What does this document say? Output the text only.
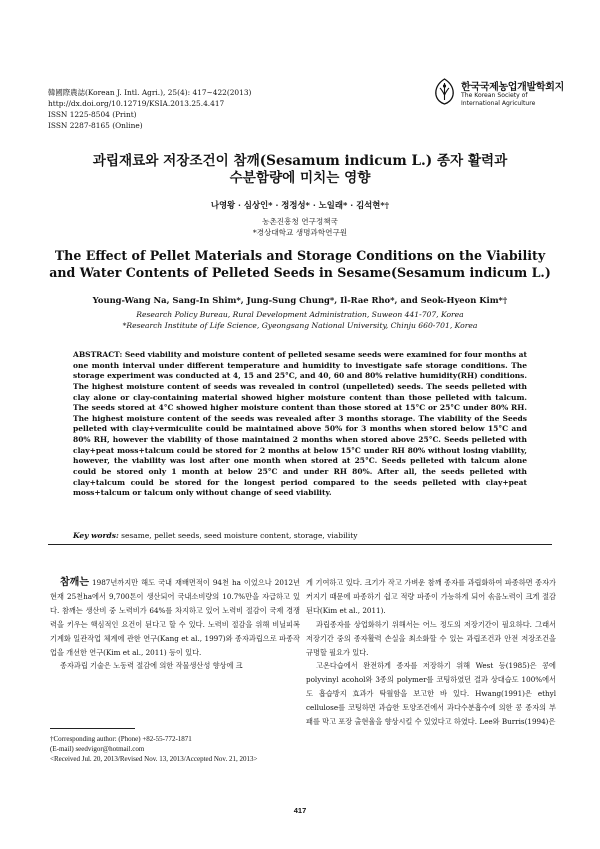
韓國際農誌(Korean J. Intl. Agri.), 25(4): 417~422(2013)
http://dx.doi.org/10.12719/KSIA.2013.25.4.417
ISSN 1225-8504 (Print)
ISSN 2287-8165 (Online)
한국국제농업개발학회지
The Korean Society of International Agriculture
과립재료와 저장조건이 참깨(Sesamum indicum L.) 종자 활력과
수분함량에 미치는 영향
나영왕 · 심상인* · 정정성* · 노일래* · 김석현*†
농촌진흥청 연구정책국
*경상대학교 생명과학연구원
The Effect of Pellet Materials and Storage Conditions on the Viability
and Water Contents of Pelleted Seeds in Sesame(Sesamum indicum L.)
Young-Wang Na, Sang-In Shim*, Jung-Sung Chung*, Il-Rae Rho*, and Seok-Hyeon Kim*†
Research Policy Bureau, Rural Development Administration, Suweon 441-707, Korea
*Research Institute of Life Science, Gyeongsang National University, Chinju 660-701, Korea
ABSTRACT: Seed viability and moisture content of pelleted sesame seeds were examined for four months at one month interval under different temperature and humidity to investigate safe storage conditions. The storage experiment was conducted at 4, 15 and 25°C, and 40, 60 and 80% relative humidity(RH) conditions. The highest moisture content of seeds was revealed in control (unpelleted) seeds. The seeds pelleted with clay alone or clay-containing material showed higher moisture content than those pelleted with talcum. The seeds stored at 4°C showed higher moisture content than those stored at 15°C or 25°C under 80% RH. The highest moisture content of the seeds was revealed after 3 months storage. The viability of the Seeds pelleted with clay+vermiculite could be maintained above 50% for 3 months when stored below 15°C and 80% RH, however the viability of those maintained 2 months when stored above 25°C. Seeds pelleted with clay+peat moss+talcum could be stored for 2 months at below 15°C under RH 80% without losing viability, however, the viability was lost after one month when stored at 25°C. Seeds pelleted with talcum alone could be stored only 1 month at below 25°C and under RH 80%. After all, the seeds pelleted with clay+talcum could be stored for the longest period compared to the seeds pelleted with clay+peat moss+talcum or talcum only without change of seed viability.
Key words: sesame, pellet seeds, seed moisture content, storage, viability

참깨는 1987년까지만 해도 국내 재배면적이 94천 ha 이었으나 2012년 현재 25천ha에서 9,700톤이 생산되어 국내소비량의 10.7%만을 자급하고 있다. 참깨는 생산비 중 노력비가 64%를 차지하고 있어 노력비 절감이 국제 경쟁력을 키우는 핵심적인 요건이 된다고 할 수 있다. 노력비 절감을 위해 비닐피복 기계화 일관작업 체계에 관한 연구(Kang et al., 1997)와 종자과립으로 파종작업을 개선한 연구(Kim et al., 2011) 등이 있다.

종자과립 기술은 노동력 절감에 의한 작물생산성 향상에 크

게 기여하고 있다. 크기가 작고 가벼운 참깨 종자를 과립화하여 파종하면 종자가 커지기 때문에 파종하기 쉽고 적량 파종이 가능하게 되어 솎음노력이 크게 절감된다(Kim et al., 2011).

과립종자를 상업화하기 위해서는 어느 정도의 저장기간이 필요하다. 그래서 저장기간 중의 종자활력 손실을 최소화할 수 있는 과립조건과 안전 저장조건을 규명할 필요가 있다.

고온다습에서 완전하게 종자를 저장하기 위해 West 등(1985)은 콩에 polyvinyl acohol와 3종의 polymer를 코팅하였던 결과 상대습도 100%에서도 흡습방지 효과가 탁월함을 보고한 바 있다. Hwang(1991)은 ethyl cellulose를 코팅하면 과습한 토양조건에서 과다수분흡수에 의한 콩 종자의 부패를 막고 포장 출현율을 향상시킬 수 있었다고 하였다. Lee와 Burris(1994)은

†Corresponding author: (Phone) +82-55-772-1871
(E-mail) seedvigor@hotmail.com
<Received Jul. 20, 2013/Revised Nov. 13, 2013/Accepted Nov. 21, 2013>
417
